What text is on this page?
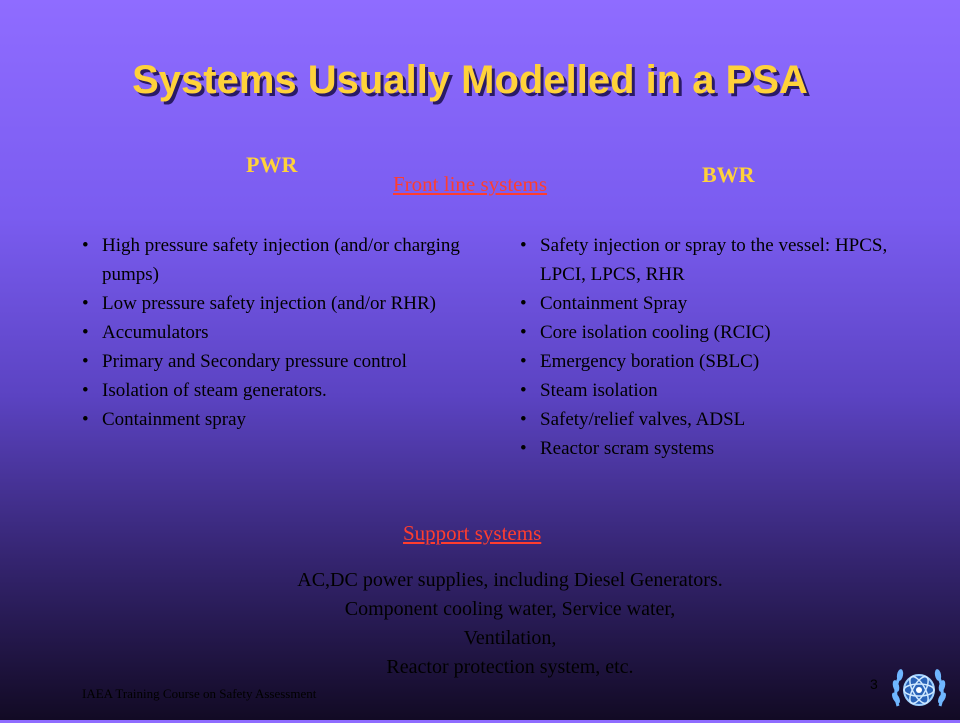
Systems Usually Modelled in a PSA
PWR	BWR
Front line systems
• High pressure safety injection (and/or charging pumps)
• Low pressure safety injection (and/or RHR)
• Accumulators
• Primary and Secondary pressure control
• Isolation of steam generators.
• Containment spray
• Safety injection or spray to the vessel: HPCS, LPCI, LPCS, RHR
• Containment Spray
• Core isolation cooling (RCIC)
• Emergency boration (SBLC)
• Steam isolation
• Safety/relief valves, ADSL
• Reactor scram systems
Support systems
AC,DC power supplies, including Diesel Generators.
Component cooling water, Service water,
Ventilation,
Reactor protection system, etc.
IAEA Training Course on Safety Assessment
3
